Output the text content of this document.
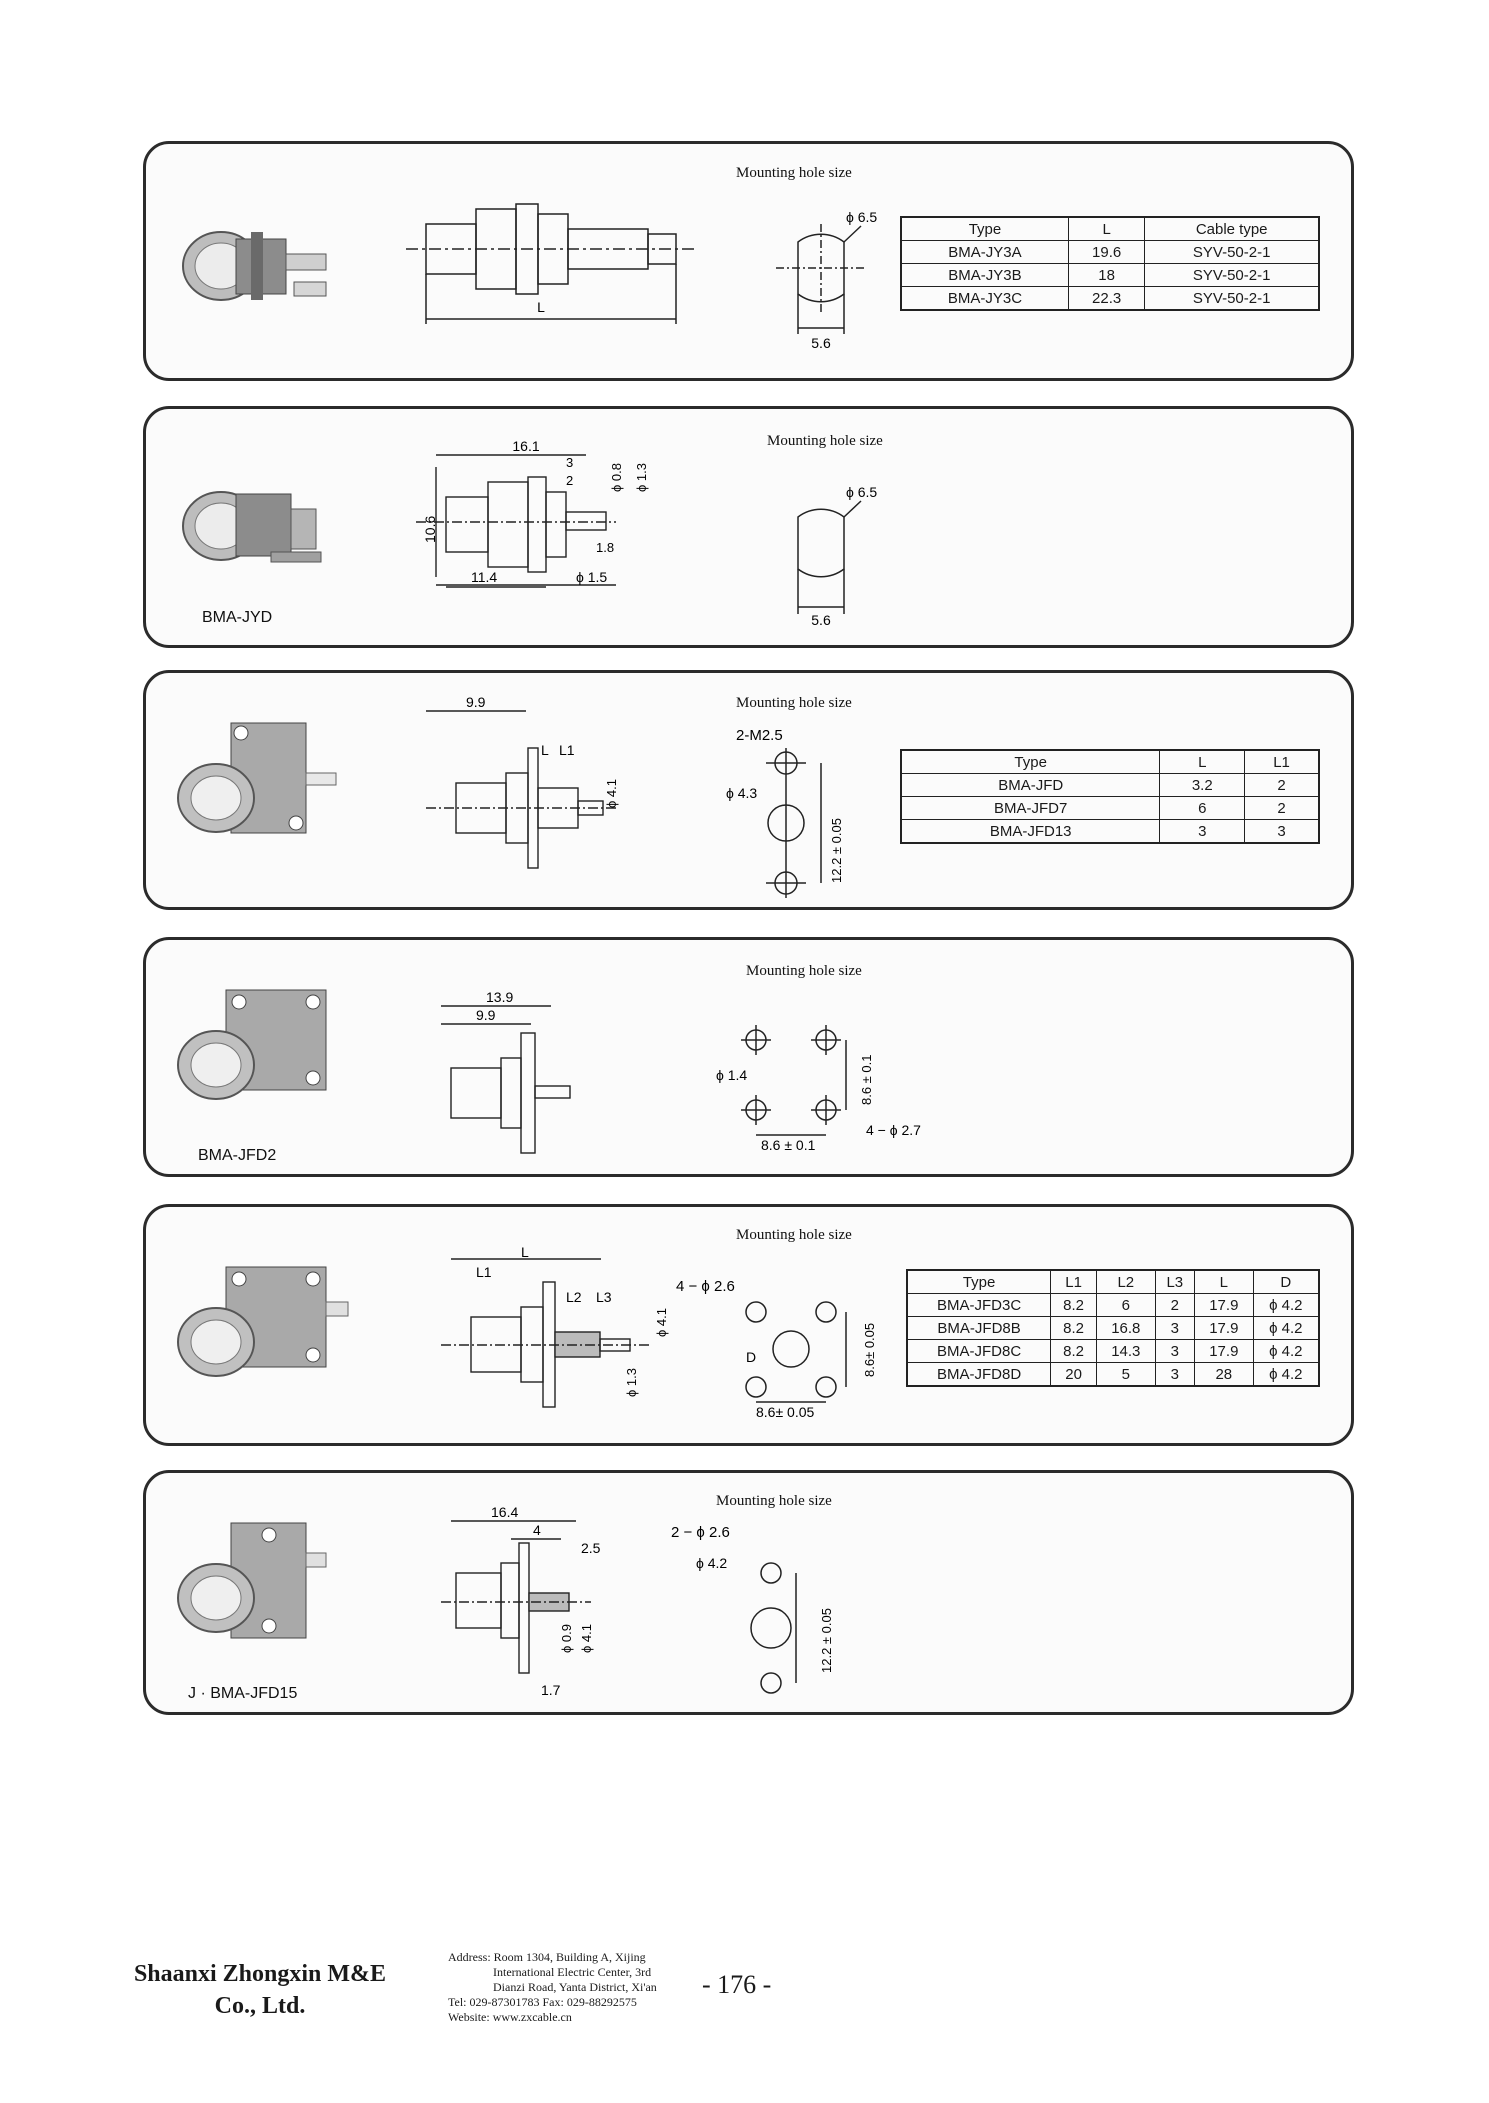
Mounting hole size
L
5.6
ϕ 6.5
Type	L	Cable type
BMA-JY3A	19.6	SYV-50-2-1
BMA-JY3B	18	SYV-50-2-1
BMA-JY3C	22.3	SYV-50-2-1
Mounting hole size
BMA-JYD
16.1
10.6
3
2	ϕ 0.8 ϕ 1.3
1.8
11.4	ϕ 1.5
5.6
ϕ 6.5
Mounting hole size
9.9
L L1
ϕ 4.1
2-M2.5
ϕ 4.3
12.2 ± 0.05
Type	L	L1
BMA-JFD	3.2	2
BMA-JFD7	6	2
BMA-JFD13	3	3
Mounting hole size
BMA-JFD2
13.9
9.9
ϕ 1.4	8.6 ± 0.1
8.6 ± 0.1
4 − ϕ 2.7
Mounting hole size
L
L1
L2 L3
ϕ 4.1
ϕ 1.3
4 − ϕ 2.6
D	8.6± 0.05
8.6± 0.05
Type	L1	L2	L3	L	D
BMA-JFD3C	8.2	6	2	17.9	ϕ 4.2
BMA-JFD8B	8.2	16.8	3	17.9	ϕ 4.2
BMA-JFD8C	8.2	14.3	3	17.9	ϕ 4.2
BMA-JFD8D	20	5	3	28	ϕ 4.2
Mounting hole size
J · BMA-JFD15
16.4
4
2.5
ϕ 0.9 ϕ 4.1
1.7
2 − ϕ 2.6
ϕ 4.2
12.2 ± 0.05
Shaanxi Zhongxin M&E
Co., Ltd.
Address: Room 1304, Building A, Xijing
International Electric Center, 3rd
Dianzi Road, Yanta District, Xi'an
Tel: 029-87301783 Fax: 029-88292575
Website: www.zxcable.cn
- 176 -
